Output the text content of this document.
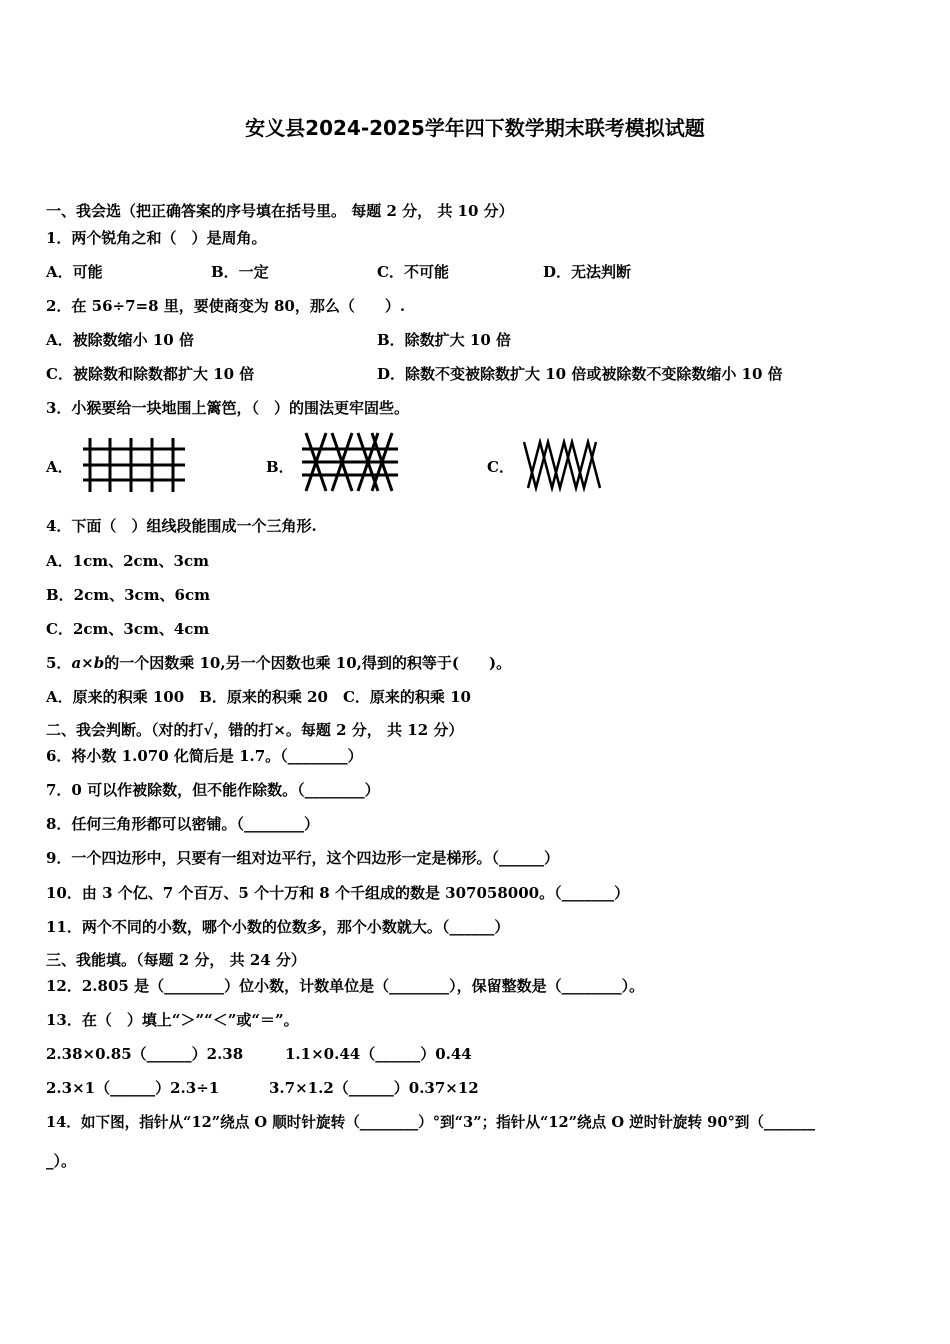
安义县2024-2025学年四下数学期末联考模拟试题
一、我会选（把正确答案的序号填在括号里。 每题 2 分， 共 10 分）
1．两个锐角之和（　）是周角。
A．可能	B．一定	C．不可能	D．无法判断
2．在 56÷7=8 里，要使商变为 80，那么（　　）.
A．被除数缩小 10 倍	B．除数扩大 10 倍
C．被除数和除数都扩大 10 倍	D．除数不变被除数扩大 10 倍或被除数不变除数缩小 10 倍
3．小猴要给一块地围上篱笆，（　）的围法更牢固些。
A．	B．	C．
4．下面（　）组线段能围成一个三角形.
A．1cm、2cm、3cm
B．2cm、3cm、6cm
C．2cm、3cm、4cm
5．a×b的一个因数乘 10,另一个因数也乘 10,得到的积等于(　　)。
A．原来的积乘 100　B．原来的积乘 20　C．原来的积乘 10
二、我会判断。（对的打√，错的打×。每题 2 分， 共 12 分）
6．将小数 1.070 化简后是 1.7。（________）
7．0 可以作被除数，但不能作除数。（________）
8．任何三角形都可以密铺。（________）
9．一个四边形中，只要有一组对边平行，这个四边形一定是梯形。（______）
10．由 3 个亿、7 个百万、5 个十万和 8 个千组成的数是 307058000。（_______）
11．两个不同的小数，哪个小数的位数多，那个小数就大。（______）
三、我能填。（每题 2 分， 共 24 分）
12．2.805 是（________）位小数，计数单位是（________），保留整数是（________）。
13．在（　）填上“＞”“＜”或“＝”。
2.38×0.85（______）2.38	1.1×0.44（______）0.44
2.3×1（______）2.3÷1	3.7×1.2（______）0.37×12
14．如下图，指针从“12”绕点 O 顺时针旋转（________）°到“3”；指针从“12”绕点 O 逆时针旋转 90°到（_______
_）。
